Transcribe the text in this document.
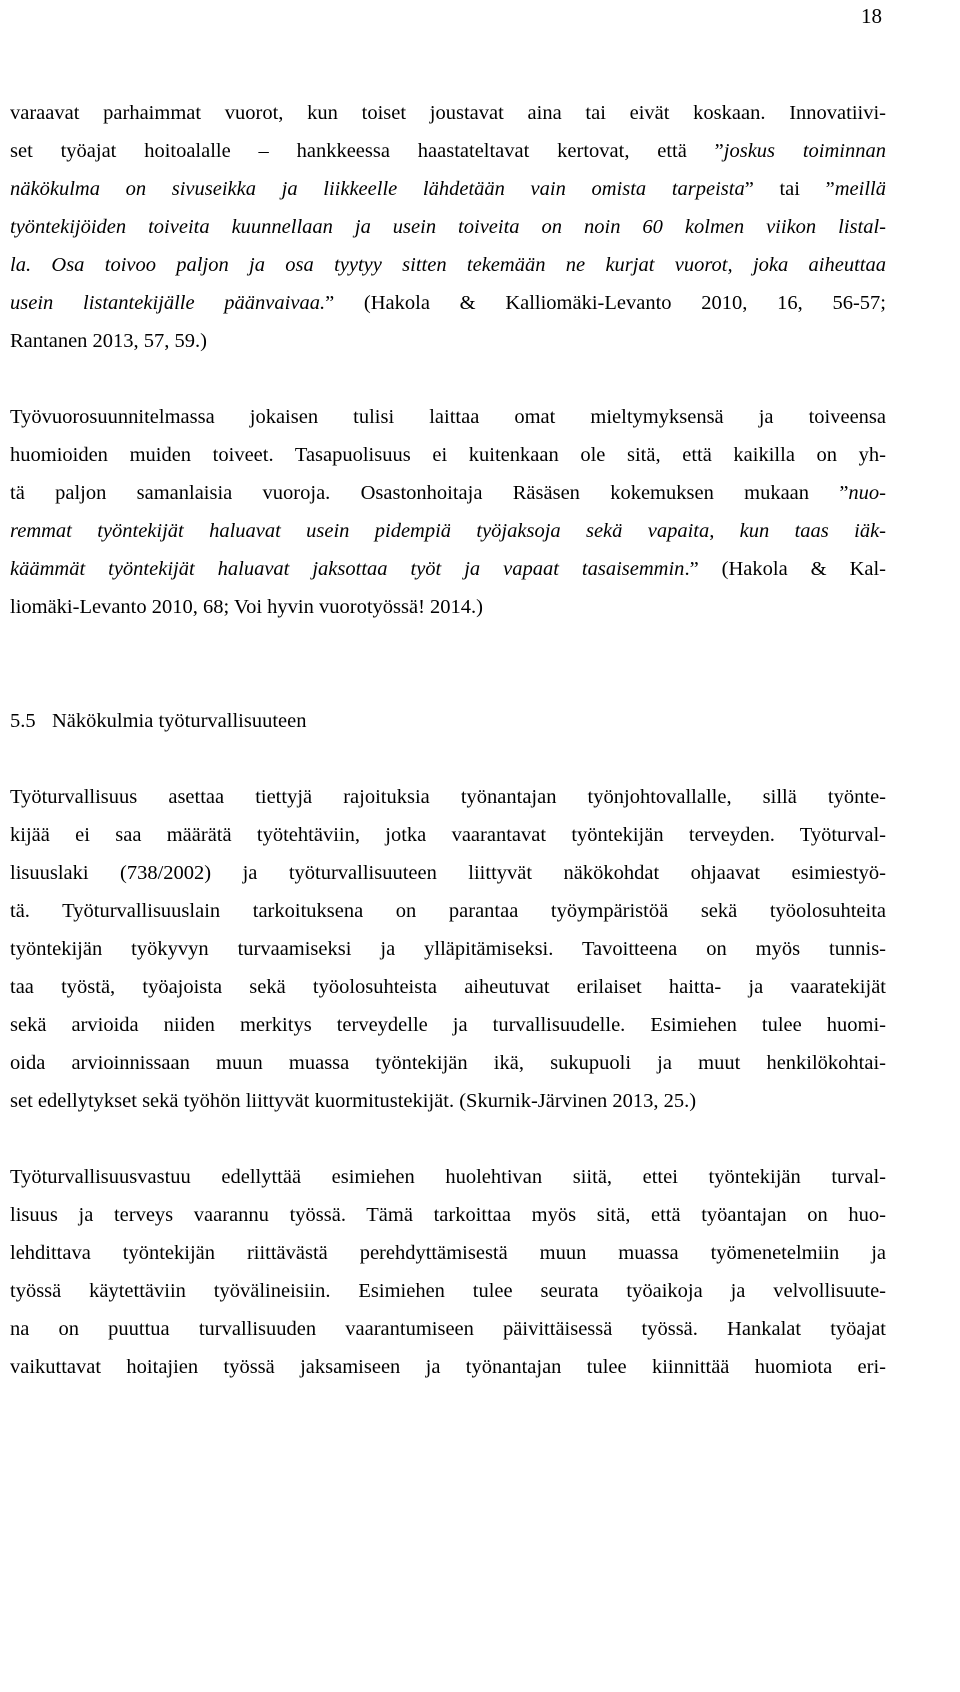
18
varaavat parhaimmat vuorot, kun toiset joustavat aina tai eivät koskaan. Innovatiivi-
set työajat hoitoalalle – hankkeessa haastateltavat kertovat, että ”joskus toiminnan
näkökulma on sivuseikka ja liikkeelle lähdetään vain omista tarpeista” tai ”meillä
työntekijöiden toiveita kuunnellaan ja usein toiveita on noin 60 kolmen viikon listal-
la. Osa toivoo paljon ja osa tyytyy sitten tekemään ne kurjat vuorot, joka aiheuttaa
usein listantekijälle päänvaivaa.” (Hakola & Kalliomäki-Levanto 2010, 16, 56-57;
Rantanen 2013, 57, 59.)
Työvuorosuunnitelmassa jokaisen tulisi laittaa omat mieltymyksensä ja toiveensa
huomioiden muiden toiveet. Tasapuolisuus ei kuitenkaan ole sitä, että kaikilla on yh-
tä paljon samanlaisia vuoroja. Osastonhoitaja Räsäsen kokemuksen mukaan ”nuo-
remmat työntekijät haluavat usein pidempiä työjaksoja sekä vapaita, kun taas iäk-
käämmät työntekijät haluavat jaksottaa työt ja vapaat tasaisemmin.” (Hakola & Kal-
liomäki-Levanto 2010, 68; Voi hyvin vuorotyössä! 2014.)
5.5 Näkökulmia työturvallisuuteen
Työturvallisuus asettaa tiettyjä rajoituksia työnantajan työnjohtovallalle, sillä työnte-
kijää ei saa määrätä työtehtäviin, jotka vaarantavat työntekijän terveyden. Työturval-
lisuuslaki (738/2002) ja työturvallisuuteen liittyvät näkökohdat ohjaavat esimiestyö-
tä. Työturvallisuuslain tarkoituksena on parantaa työympäristöä sekä työolosuhteita
työntekijän työkyvyn turvaamiseksi ja ylläpitämiseksi. Tavoitteena on myös tunnis-
taa työstä, työajoista sekä työolosuhteista aiheutuvat erilaiset haitta- ja vaaratekijät
sekä arvioida niiden merkitys terveydelle ja turvallisuudelle. Esimiehen tulee huomi-
oida arvioinnissaan muun muassa työntekijän ikä, sukupuoli ja muut henkilökohtai-
set edellytykset sekä työhön liittyvät kuormitustekijät. (Skurnik-Järvinen 2013, 25.)
Työturvallisuusvastuu edellyttää esimiehen huolehtivan siitä, ettei työntekijän turval-
lisuus ja terveys vaarannu työssä. Tämä tarkoittaa myös sitä, että työantajan on huo-
lehdittava työntekijän riittävästä perehdyttämisestä muun muassa työmenetelmiin ja
työssä käytettäviin työvälineisiin. Esimiehen tulee seurata työaikoja ja velvollisuute-
na on puuttua turvallisuuden vaarantumiseen päivittäisessä työssä. Hankalat työajat
vaikuttavat hoitajien työssä jaksamiseen ja työnantajan tulee kiinnittää huomiota eri-
